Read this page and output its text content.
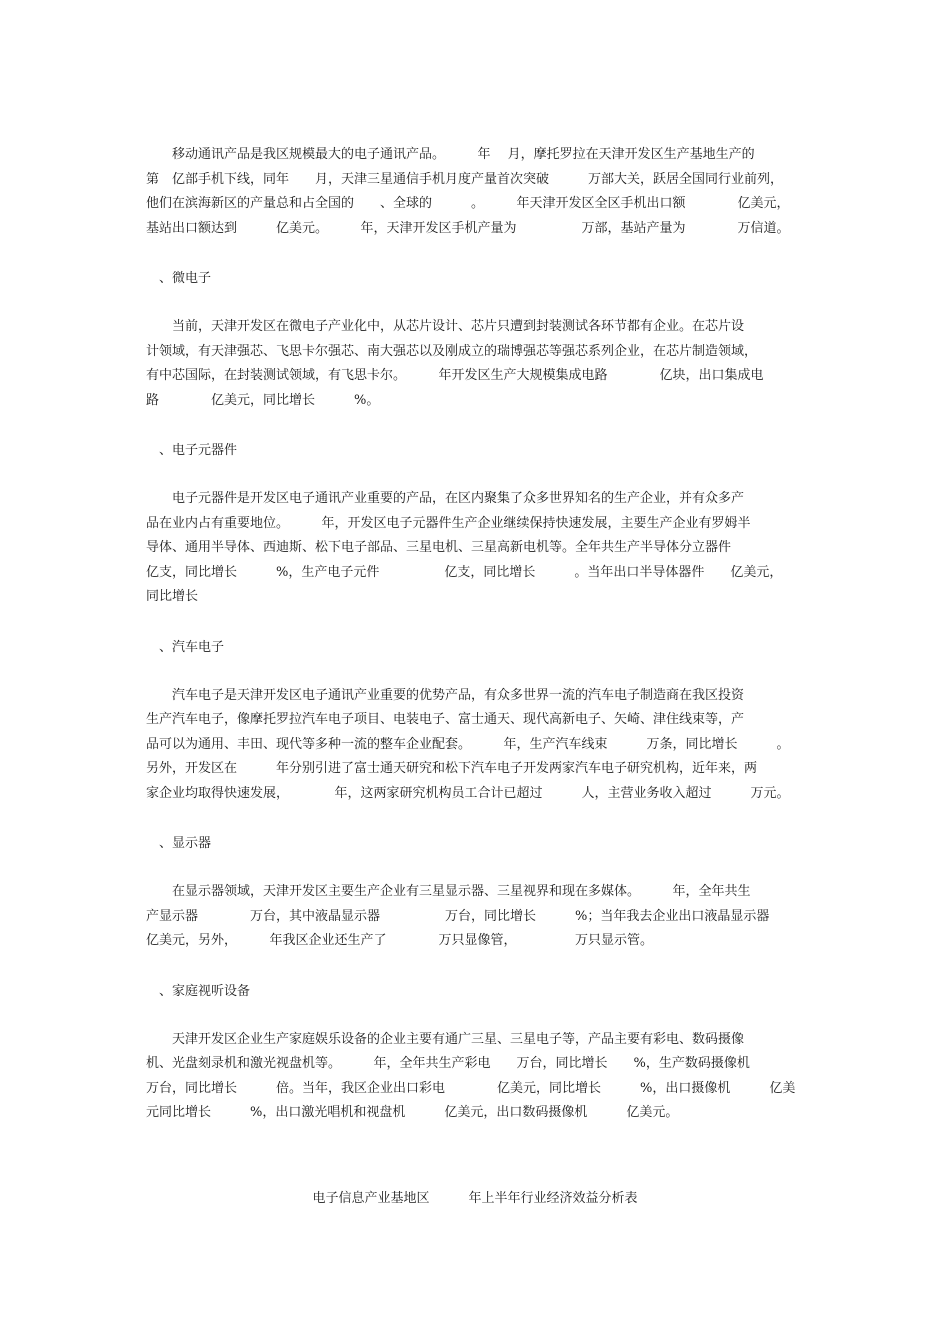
　　移动通讯产品是我区规模最大的电子通讯产品。　　　年　 月，摩托罗拉在天津开发区生产基地生产的
第　亿部手机下线，同年　　月，天津三星通信手机月度产量首次突破　　　万部大关，跃居全国同行业前列，
他们在滨海新区的产量总和占全国的　　、全球的　　　。　　　年天津开发区全区手机出口额　　　　亿美元，
基站出口额达到　　　亿美元。　　　年，天津开发区手机产量为　　　　　万部，基站产量为　　　　万信道。
　、微电子
　　当前，天津开发区在微电子产业化中，从芯片设计、芯片只遭到封装测试各环节都有企业。在芯片设
计领域，有天津强芯、飞思卡尔强芯、南大强芯以及刚成立的瑞博强芯等强芯系列企业，在芯片制造领域，
有中芯国际，在封装测试领域，有飞思卡尔。　　　年开发区生产大规模集成电路　　　　亿块，出口集成电
路　　　　亿美元，同比增长　　　%。
　、电子元器件
　　电子元器件是开发区电子通讯产业重要的产品，在区内聚集了众多世界知名的生产企业，并有众多产
品在业内占有重要地位。　　　年，开发区电子元器件生产企业继续保持快速发展，主要生产企业有罗姆半
导体、通用半导体、西迪斯、松下电子部品、三星电机、三星高新电机等。全年共生产半导体分立器件
亿支，同比增长　　　%，生产电子元件　　　　　亿支，同比增长　　　。当年出口半导体器件　　亿美元，
同比增长
　、汽车电子
　　汽车电子是天津开发区电子通讯产业重要的优势产品，有众多世界一流的汽车电子制造商在我区投资
生产汽车电子，像摩托罗拉汽车电子项目、电装电子、富士通天、现代高新电子、矢崎、津住线束等，产
品可以为通用、丰田、现代等多种一流的整车企业配套。　　　年，生产汽车线束　　　万条，同比增长　　　。
另外，开发区在　　　年分别引进了富士通天研究和松下汽车电子开发两家汽车电子研究机构，近年来，两
家企业均取得快速发展，　　　　年，这两家研究机构员工合计已超过　　　人，主营业务收入超过　　　万元。
　、显示器
　　在显示器领域，天津开发区主要生产企业有三星显示器、三星视界和现在多媒体。　　　年，全年共生
产显示器　　　　万台，其中液晶显示器　　　　　万台，同比增长　　　%；当年我去企业出口液晶显示器
亿美元，另外，　　　年我区企业还生产了　　　　万只显像管，　　　　　万只显示管。
　、家庭视听设备
　　天津开发区企业生产家庭娱乐设备的企业主要有通广三星、三星电子等，产品主要有彩电、数码摄像
机、光盘刻录机和激光视盘机等。　　　年，全年共生产彩电　　万台，同比增长　　%，生产数码摄像机
万台，同比增长　　　倍。当年，我区企业出口彩电　　　　亿美元，同比增长　　　%，出口摄像机　　　亿美
元同比增长　　　%，出口激光唱机和视盘机　　　亿美元，出口数码摄像机　　　亿美元。
电子信息产业基地区　　　年上半年行业经济效益分析表
